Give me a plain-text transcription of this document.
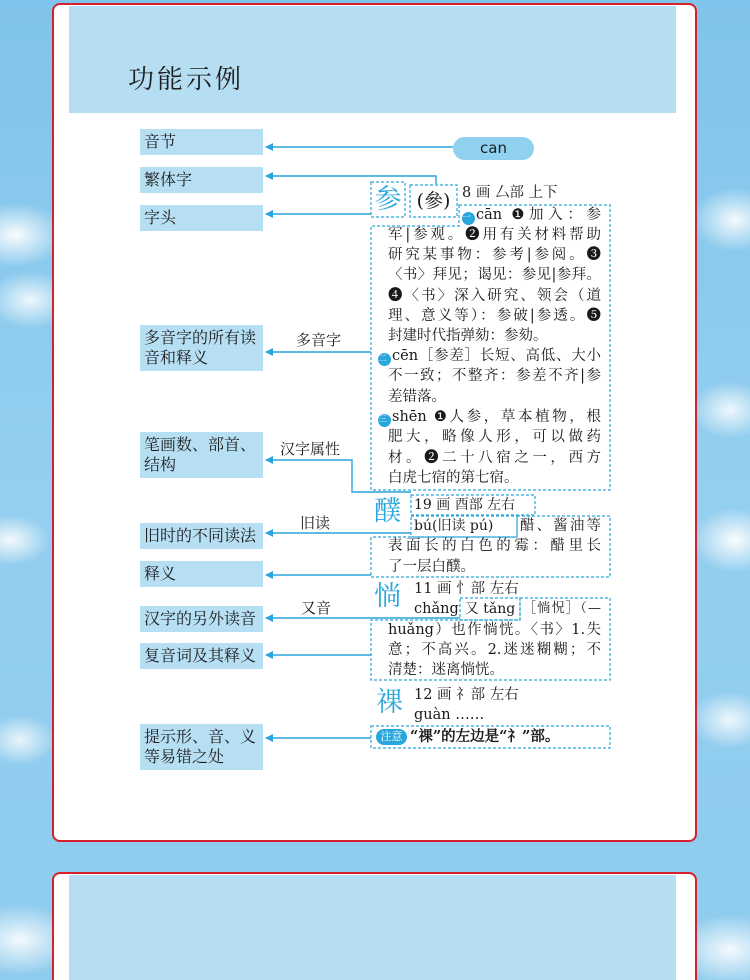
功能示例
音节
繁体字
字头
多音字的所有读音和释义
笔画数、部首、结构
旧时的不同读法
释义
汉字的另外读音
复音词及其释义
提示形、音、义等易错之处
多音字
汉字属性
旧读
又音
can
参 (參) 8 画 厶部 上下
一 cān ❶加入：参
军|参观。❷用有关材料帮助
研究某事物：参考|参阅。❸
〈书〉拜见；谒见：参见|参拜。
❹〈书〉深入研究、领会（道
理、意义等）：参破|参透。❺
封建时代指弹劾：参劾。
二 cēn［参差］长短、高低、大小
不一致；不整齐：参差不齐|参
差错落。
三 shēn ❶人参，草本植物，根
肥大，略像人形，可以做药
材。❷二十八宿之一，西方
白虎七宿的第七宿。
醭 19 画 酉部 左右
bú(旧读 pú) 醋、酱油等
表面长的白色的霉：醋里长
了一层白醭。
惝 11 画 忄部 左右
chǎng 又 tǎng ［惝怳］（—
huǎng）也作惝恍。〈书〉1.失
意；不高兴。2.迷迷糊糊；不
清楚：迷离惝恍。
祼 12 画 礻部 左右
guàn ……
注意 “祼”的左边是“礻”部。
